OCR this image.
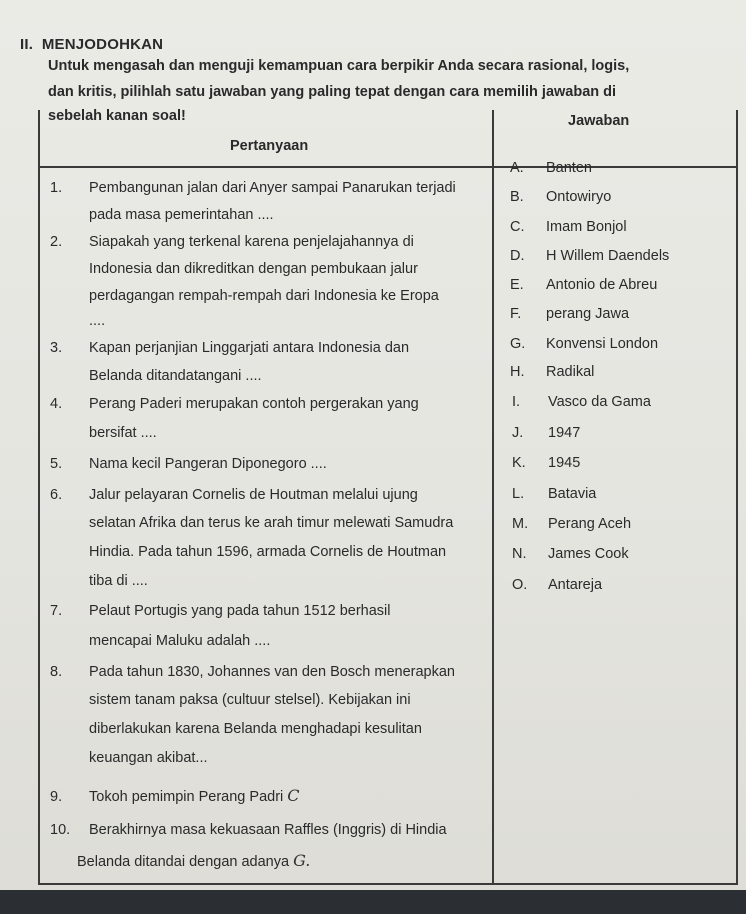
II.  MENJODOHKAN
Untuk mengasah dan menguji kemampuan cara berpikir Anda secara rasional, logis,
dan kritis, pilihlah satu jawaban yang paling tepat dengan cara memilih jawaban di
sebelah kanan soal!
Pertanyaan
Jawaban
1. Pembangunan jalan dari Anyer sampai Panarukan terjadi
pada masa pemerintahan ....
2. Siapakah yang terkenal karena penjelajahannya di
Indonesia dan dikreditkan dengan pembukaan jalur
perdagangan rempah-rempah dari Indonesia ke Eropa
....
3. Kapan perjanjian Linggarjati antara Indonesia dan
Belanda ditandatangani ....
4. Perang Paderi merupakan contoh pergerakan yang
bersifat ....
5. Nama kecil Pangeran Diponegoro ....
6. Jalur pelayaran Cornelis de Houtman melalui ujung
selatan Afrika dan terus ke arah timur melewati Samudra
Hindia. Pada tahun 1596, armada Cornelis de Houtman
tiba di ....
7. Pelaut Portugis yang pada tahun 1512 berhasil
mencapai Maluku adalah ....
8. Pada tahun 1830, Johannes van den Bosch menerapkan
sistem tanam paksa (cultuur stelsel). Kebijakan ini
diberlakukan karena Belanda menghadapi kesulitan
keuangan akibat...
9. Tokoh pemimpin Perang Padri C
10. Berakhirnya masa kekuasaan Raffles (Inggris) di Hindia
Belanda ditandai dengan adanya G.
A. Banten
B. Ontowiryo
C. Imam Bonjol
D. H Willem Daendels
E. Antonio de Abreu
F. perang Jawa
G. Konvensi London
H. Radikal
I. Vasco da Gama
J. 1947
K. 1945
L. Batavia
M. Perang Aceh
N. James Cook
O. Antareja
